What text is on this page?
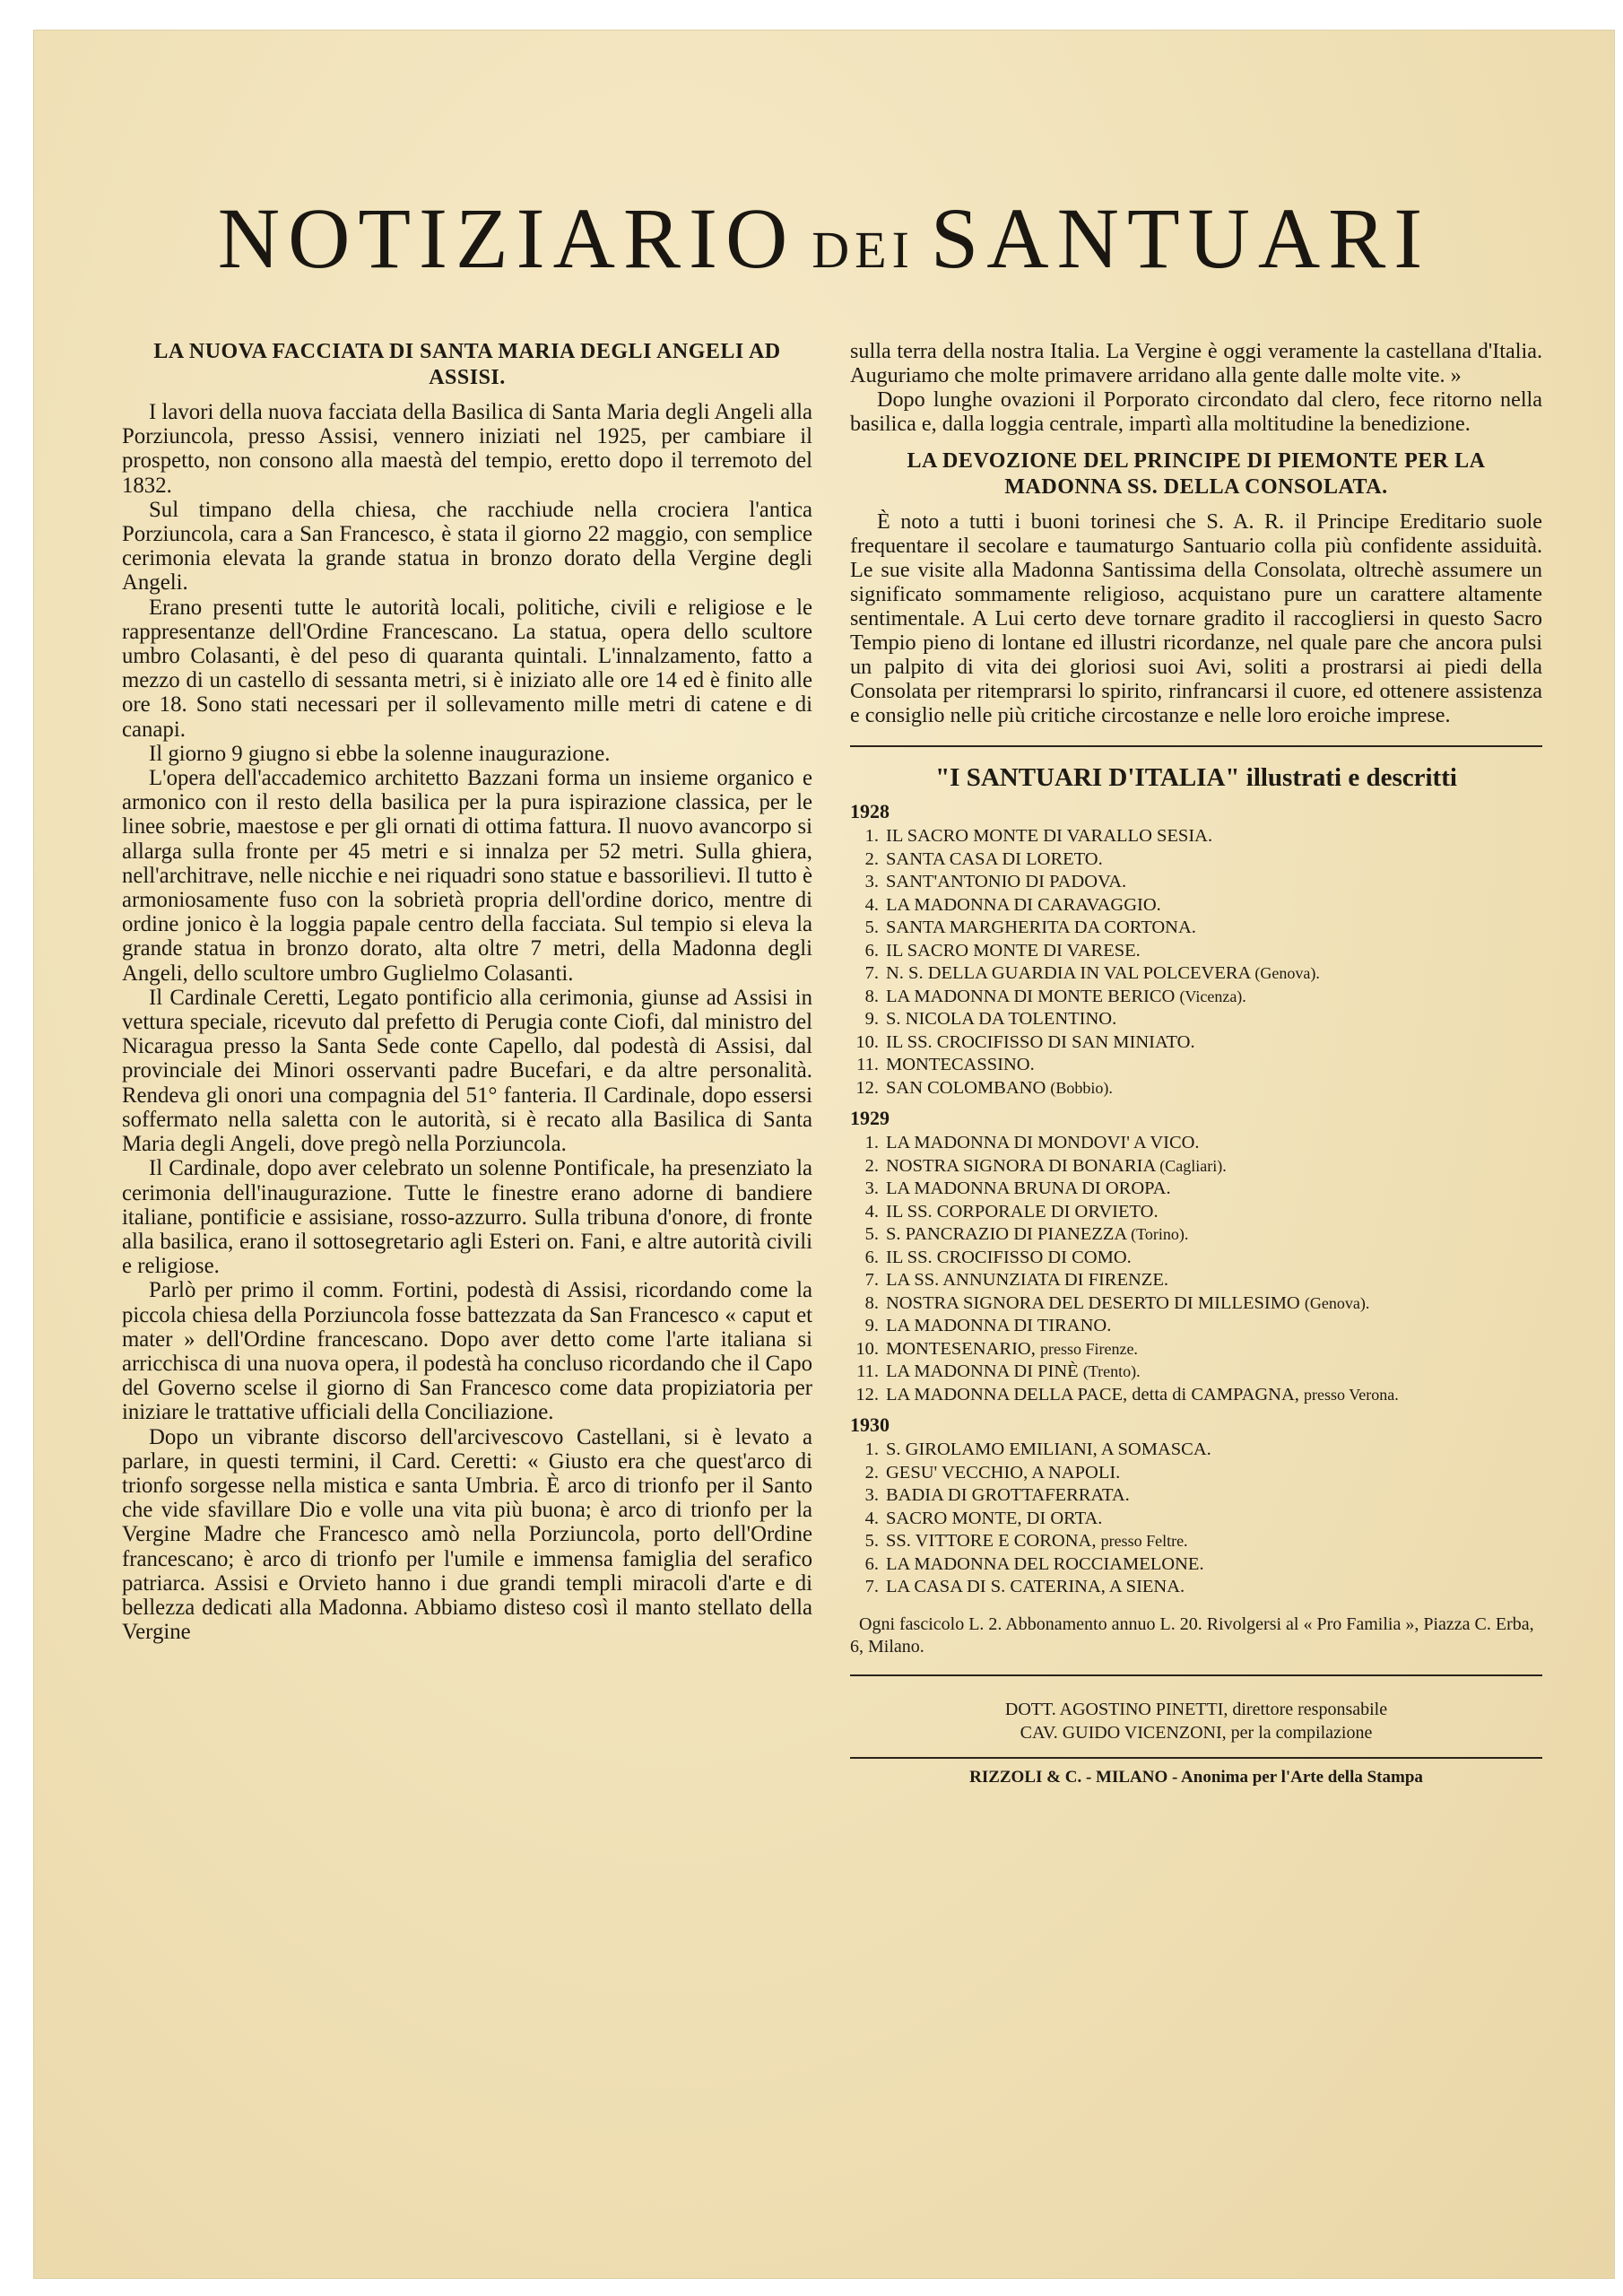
NOTIZIARIO DEI SANTUARI
LA NUOVA FACCIATA DI SANTA MARIA DEGLI ANGELI AD ASSISI.

I lavori della nuova facciata della Basilica di Santa Maria degli Angeli alla Porziuncola, presso Assisi, vennero iniziati nel 1925, per cambiare il prospetto, non consono alla maestà del tempio, eretto dopo il terremoto del 1832.

Sul timpano della chiesa, che racchiude nella crociera l'antica Porziuncola, cara a San Francesco, è stata il giorno 22 maggio, con semplice cerimonia elevata la grande statua in bronzo dorato della Vergine degli Angeli.

Erano presenti tutte le autorità locali, politiche, civili e religiose e le rappresentanze dell'Ordine Francescano. La statua, opera dello scultore umbro Colasanti, è del peso di quaranta quintali. L'innalzamento, fatto a mezzo di un castello di sessanta metri, si è iniziato alle ore 14 ed è finito alle ore 18. Sono stati necessari per il sollevamento mille metri di catene e di canapi.

Il giorno 9 giugno si ebbe la solenne inaugurazione.

L'opera dell'accademico architetto Bazzani forma un insieme organico e armonico con il resto della basilica per la pura ispirazione classica, per le linee sobrie, maestose e per gli ornati di ottima fattura. Il nuovo avancorpo si allarga sulla fronte per 45 metri e si innalza per 52 metri. Sulla ghiera, nell'architrave, nelle nicchie e nei riquadri sono statue e bassorilievi. Il tutto è armoniosamente fuso con la sobrietà propria dell'ordine dorico, mentre di ordine jonico è la loggia papale centro della facciata. Sul tempio si eleva la grande statua in bronzo dorato, alta oltre 7 metri, della Madonna degli Angeli, dello scultore umbro Guglielmo Colasanti.

Il Cardinale Ceretti, Legato pontificio alla cerimonia, giunse ad Assisi in vettura speciale, ricevuto dal prefetto di Perugia conte Ciofi, dal ministro del Nicaragua presso la Santa Sede conte Capello, dal podestà di Assisi, dal provinciale dei Minori osservanti padre Bucefari, e da altre personalità. Rendeva gli onori una compagnia del 51° fanteria. Il Cardinale, dopo essersi soffermato nella saletta con le autorità, si è recato alla Basilica di Santa Maria degli Angeli, dove pregò nella Porziuncola.

Il Cardinale, dopo aver celebrato un solenne Pontificale, ha presenziato la cerimonia dell'inaugurazione. Tutte le finestre erano adorne di bandiere italiane, pontificie e assisiane, rosso-azzurro. Sulla tribuna d'onore, di fronte alla basilica, erano il sottosegretario agli Esteri on. Fani, e altre autorità civili e religiose.

Parlò per primo il comm. Fortini, podestà di Assisi, ricordando come la piccola chiesa della Porziuncola fosse battezzata da San Francesco « caput et mater » dell'Ordine francescano. Dopo aver detto come l'arte italiana si arricchisca di una nuova opera, il podestà ha concluso ricordando che il Capo del Governo scelse il giorno di San Francesco come data propiziatoria per iniziare le trattative ufficiali della Conciliazione.

Dopo un vibrante discorso dell'arcivescovo Castellani, si è levato a parlare, in questi termini, il Card. Ceretti: « Giusto era che quest'arco di trionfo sorgesse nella mistica e santa Umbria. È arco di trionfo per il Santo che vide sfavillare Dio e volle una vita più buona; è arco di trionfo per la Vergine Madre che Francesco amò nella Porziuncola, porto dell'Ordine francescano; è arco di trionfo per l'umile e immensa famiglia del serafico patriarca. Assisi e Orvieto hanno i due grandi templi miracoli d'arte e di bellezza dedicati alla Madonna. Abbiamo disteso così il manto stellato della Vergine

sulla terra della nostra Italia. La Vergine è oggi veramente la castellana d'Italia. Auguriamo che molte primavere arridano alla gente dalle molte vite. »

Dopo lunghe ovazioni il Porporato circondato dal clero, fece ritorno nella basilica e, dalla loggia centrale, impartì alla moltitudine la benedizione.

LA DEVOZIONE DEL PRINCIPE DI PIEMONTE PER LA MADONNA SS. DELLA CONSOLATA.

È noto a tutti i buoni torinesi che S. A. R. il Principe Ereditario suole frequentare il secolare e taumaturgo Santuario colla più confidente assiduità. Le sue visite alla Madonna Santissima della Consolata, oltrechè assumere un significato sommamente religioso, acquistano pure un carattere altamente sentimentale. A Lui certo deve tornare gradito il raccogliersi in questo Sacro Tempio pieno di lontane ed illustri ricordanze, nel quale pare che ancora pulsi un palpito di vita dei gloriosi suoi Avi, soliti a prostrarsi ai piedi della Consolata per ritemprarsi lo spirito, rinfrancarsi il cuore, ed ottenere assistenza e consiglio nelle più critiche circostanze e nelle loro eroiche imprese.

"I SANTUARI D'ITALIA" illustrati e descritti
1928
1. IL SACRO MONTE DI VARALLO SESIA.
2. SANTA CASA DI LORETO.
3. SANT'ANTONIO DI PADOVA.
4. LA MADONNA DI CARAVAGGIO.
5. SANTA MARGHERITA DA CORTONA.
6. IL SACRO MONTE DI VARESE.
7. N. S. DELLA GUARDIA IN VAL POLCEVERA (Genova).
8. LA MADONNA DI MONTE BERICO (Vicenza).
9. S. NICOLA DA TOLENTINO.
10. IL SS. CROCIFISSO DI SAN MINIATO.
11. MONTECASSINO.
12. SAN COLOMBANO (Bobbio).
1929
1. LA MADONNA DI MONDOVI' A VICO.
2. NOSTRA SIGNORA DI BONARIA (Cagliari).
3. LA MADONNA BRUNA DI OROPA.
4. IL SS. CORPORALE DI ORVIETO.
5. S. PANCRAZIO DI PIANEZZA (Torino).
6. IL SS. CROCIFISSO DI COMO.
7. LA SS. ANNUNZIATA DI FIRENZE.
8. NOSTRA SIGNORA DEL DESERTO DI MILLESIMO (Genova).
9. LA MADONNA DI TIRANO.
10. MONTESENARIO, presso Firenze.
11. LA MADONNA DI PINÈ (Trento).
12. LA MADONNA DELLA PACE, detta di CAMPAGNA, presso Verona.
1930
1. S. GIROLAMO EMILIANI, A SOMASCA.
2. GESU' VECCHIO, A NAPOLI.
3. BADIA DI GROTTAFERRATA.
4. SACRO MONTE, DI ORTA.
5. SS. VITTORE E CORONA, presso Feltre.
6. LA MADONNA DEL ROCCIAMELONE.
7. LA CASA DI S. CATERINA, A SIENA.

Ogni fascicolo L. 2. Abbonamento annuo L. 20. Rivolgersi al « Pro Familia », Piazza C. Erba, 6, Milano.

DOTT. AGOSTINO PINETTI, direttore responsabile
CAV. GUIDO VICENZONI, per la compilazione
RIZZOLI & C. - MILANO - Anonima per l'Arte della Stampa
